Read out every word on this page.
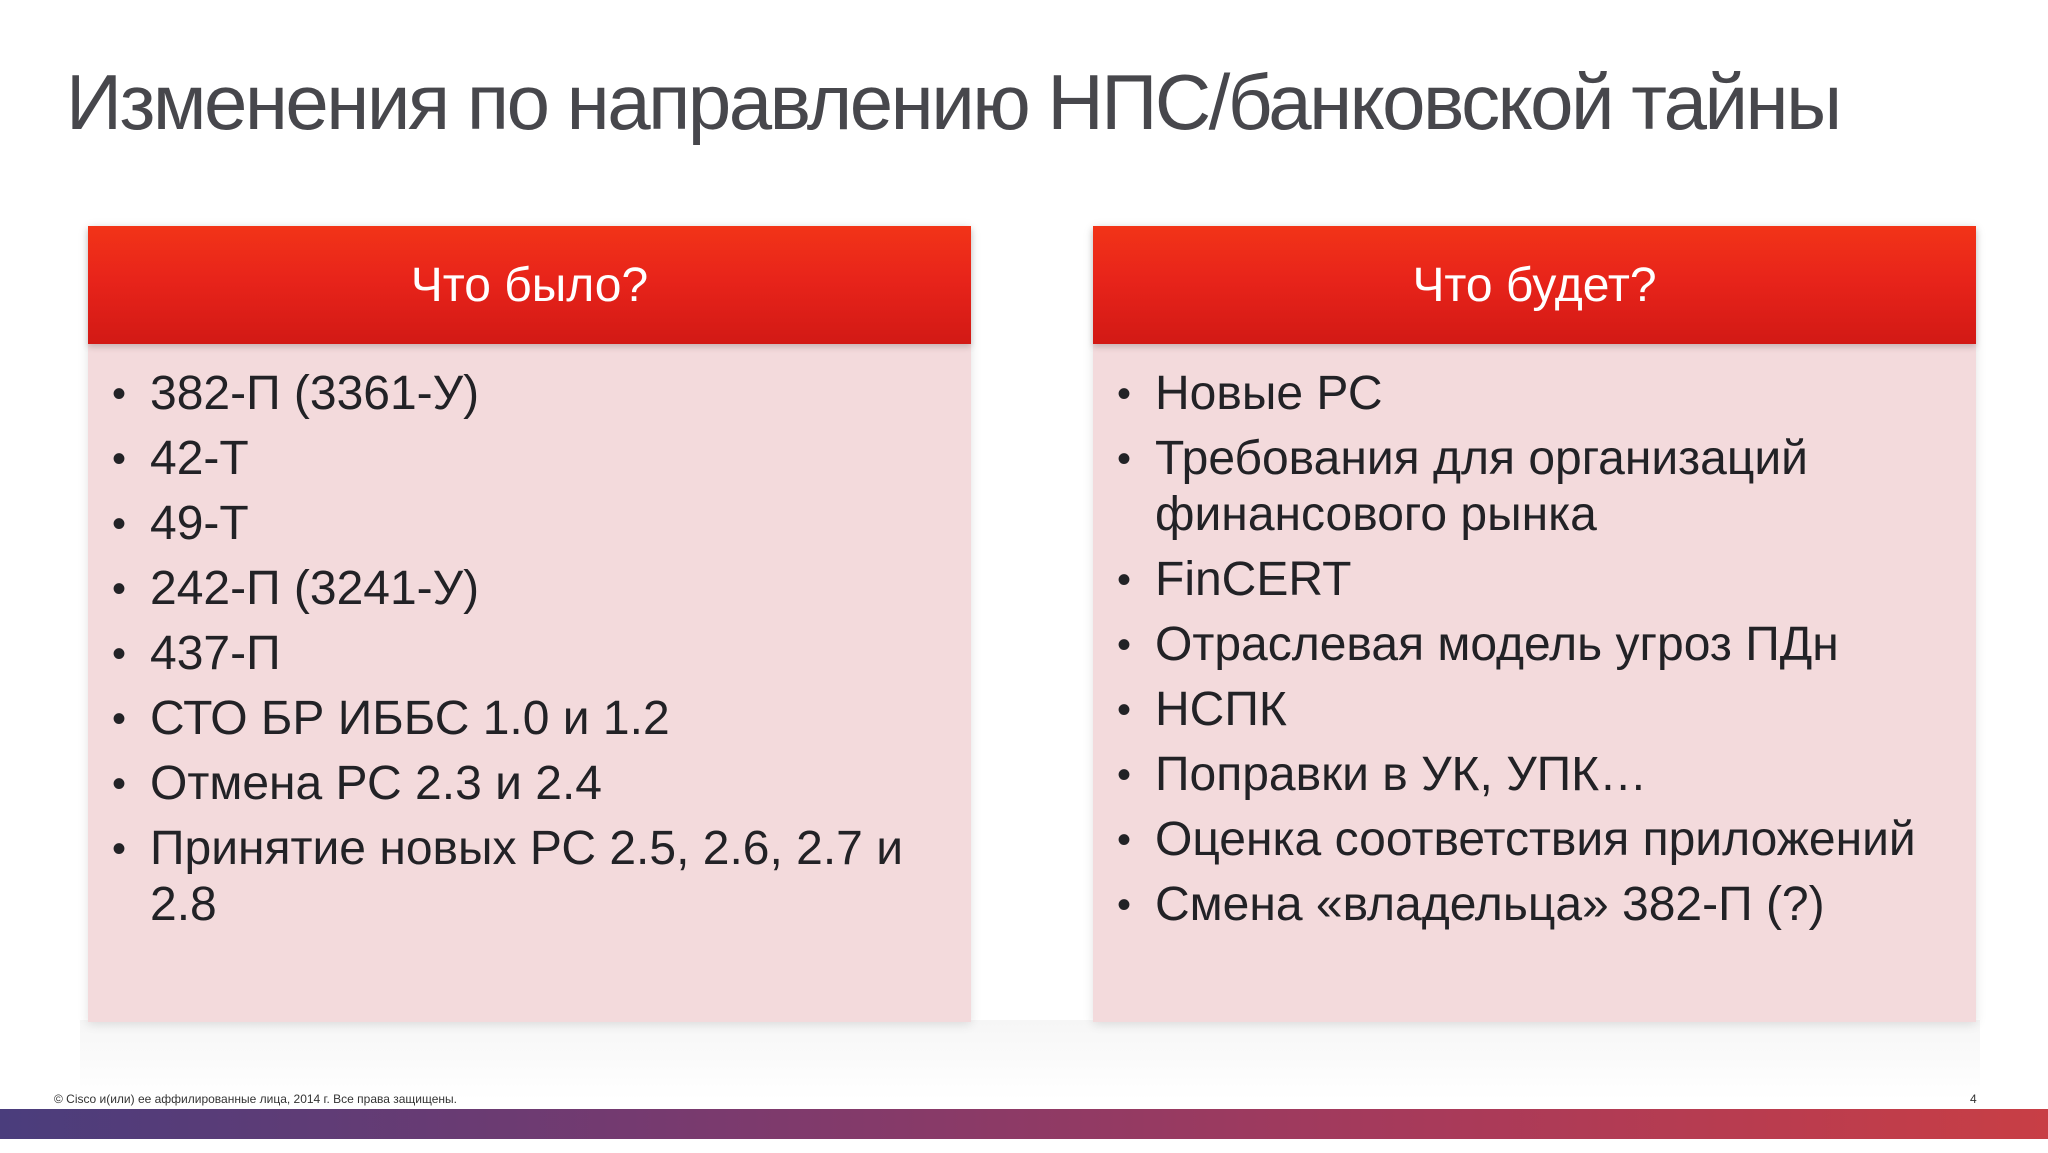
Изменения по направлению НПС/банковской тайны
Что было?
• 382-П (3361-У)
• 42-Т
• 49-Т
• 242-П (3241-У)
• 437-П
• СТО БР ИББС 1.0 и 1.2
• Отмена РС 2.3 и 2.4
• Принятие новых РС 2.5, 2.6, 2.7 и 2.8
Что будет?
• Новые РС
• Требования для организаций финансового рынка
• FinCERT
• Отраслевая модель угроз ПДн
• НСПК
• Поправки в УК, УПК…
• Оценка соответствия приложений
• Смена «владельца» 382-П (?)
© Cisco и(или) ее аффилированные лица, 2014 г. Все права защищены.	4
